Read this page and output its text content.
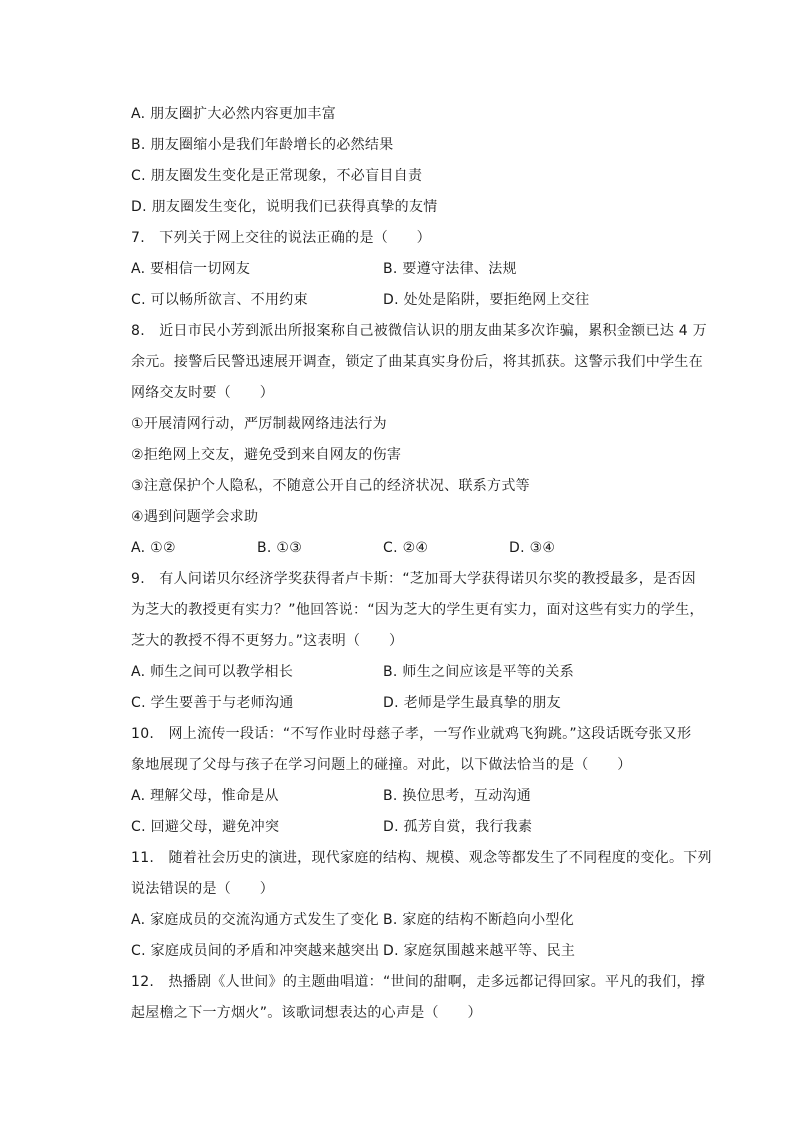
A. 朋友圈扩大必然内容更加丰富
B. 朋友圈缩小是我们年龄增长的必然结果
C. 朋友圈发生变化是正常现象，不必盲目自责
D. 朋友圈发生变化，说明我们已获得真挚的友情
7.　下列关于网上交往的说法正确的是（　　）
A. 要相信一切网友	B. 要遵守法律、法规
C. 可以畅所欲言、不用约束	D. 处处是陷阱，要拒绝网上交往
8.　近日市民小芳到派出所报案称自己被微信认识的朋友曲某多次诈骗，累积金额已达 4 万
余元。接警后民警迅速展开调查，锁定了曲某真实身份后，将其抓获。这警示我们中学生在
网络交友时要（　　）
①开展清网行动，严厉制裁网络违法行为
②拒绝网上交友，避免受到来自网友的伤害
③注意保护个人隐私，不随意公开自己的经济状况、联系方式等
④遇到问题学会求助
A. ①②	B. ①③	C. ②④	D. ③④
9.　有人问诺贝尔经济学奖获得者卢卡斯：“芝加哥大学获得诺贝尔奖的教授最多，是否因
为芝大的教授更有实力？”他回答说：“因为芝大的学生更有实力，面对这些有实力的学生，
芝大的教授不得不更努力。”这表明（　　）
A. 师生之间可以教学相长	B. 师生之间应该是平等的关系
C. 学生要善于与老师沟通	D. 老师是学生最真挚的朋友
10.　网上流传一段话：“不写作业时母慈子孝，一写作业就鸡飞狗跳。”这段话既夸张又形
象地展现了父母与孩子在学习问题上的碰撞。对此，以下做法恰当的是（　　）
A. 理解父母，惟命是从	B. 换位思考，互动沟通
C. 回避父母，避免冲突	D. 孤芳自赏，我行我素
11.　随着社会历史的演进，现代家庭的结构、规模、观念等都发生了不同程度的变化。下列
说法错误的是（　　）
A. 家庭成员的交流沟通方式发生了变化 B. 家庭的结构不断趋向小型化
C. 家庭成员间的矛盾和冲突越来越突出 D. 家庭氛围越来越平等、民主
12.　热播剧《人世间》的主题曲唱道：“世间的甜啊，走多远都记得回家。平凡的我们，撑
起屋檐之下一方烟火”。该歌词想表达的心声是（　　）
